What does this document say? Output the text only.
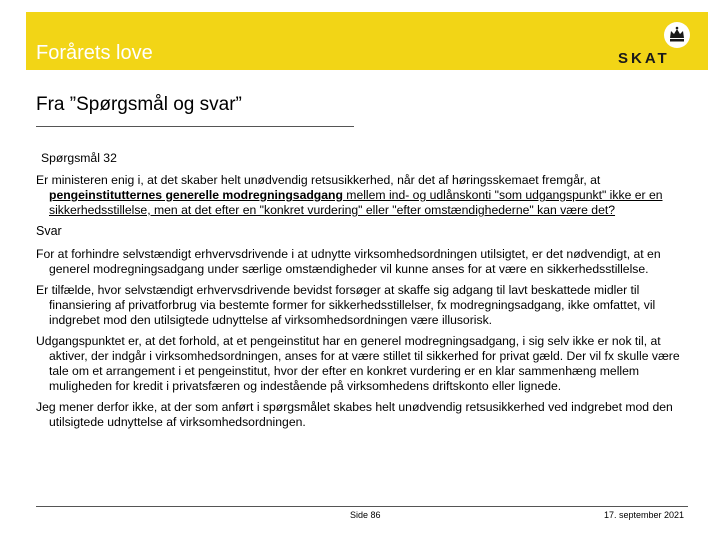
Forårets love	SKAT
Fra ”Spørgsmål og svar”
Spørgsmål 32

Er ministeren enig i, at det skaber helt unødvendig retsusikkerhed, når det af høringsskemaet fremgår, at pengeinstitutternes generelle modregningsadgang mellem ind- og udlånskonti "som udgangspunkt" ikke er en sikkerhedsstillelse, men at det efter en "konkret vurdering" eller "efter omstændighederne" kan være det?

Svar

For at forhindre selvstændigt erhvervsdrivende i at udnytte virksomhedsordningen utilsigtet, er det nødvendigt, at en generel modregningsadgang under særlige omstændigheder vil kunne anses for at være en sikkerhedsstillelse.

Er tilfælde, hvor selvstændigt erhvervsdrivende bevidst forsøger at skaffe sig adgang til lavt beskattede midler til finansiering af privatforbrug via bestemte former for sikkerhedsstillelser, fx modregningsadgang, ikke omfattet, vil indgrebet mod den utilsigtede udnyttelse af virksomhedsordningen være illusorisk.

Udgangspunktet er, at det forhold, at et pengeinstitut har en generel modregningsadgang, i sig selv ikke er nok til, at aktiver, der indgår i virksomhedsordningen, anses for at være stillet til sikkerhed for privat gæld. Der vil fx skulle være tale om et arrangement i et pengeinstitut, hvor der efter en konkret vurdering er en klar sammenhæng mellem muligheden for kredit i privatsfæren og indestående på virksomhedens driftskonto eller lignede.

Jeg mener derfor ikke, at der som anført i spørgsmålet skabes helt unødvendig retsusikkerhed ved indgrebet mod den utilsigtede udnyttelse af virksomhedsordningen.

Side 86	17. september 2021
